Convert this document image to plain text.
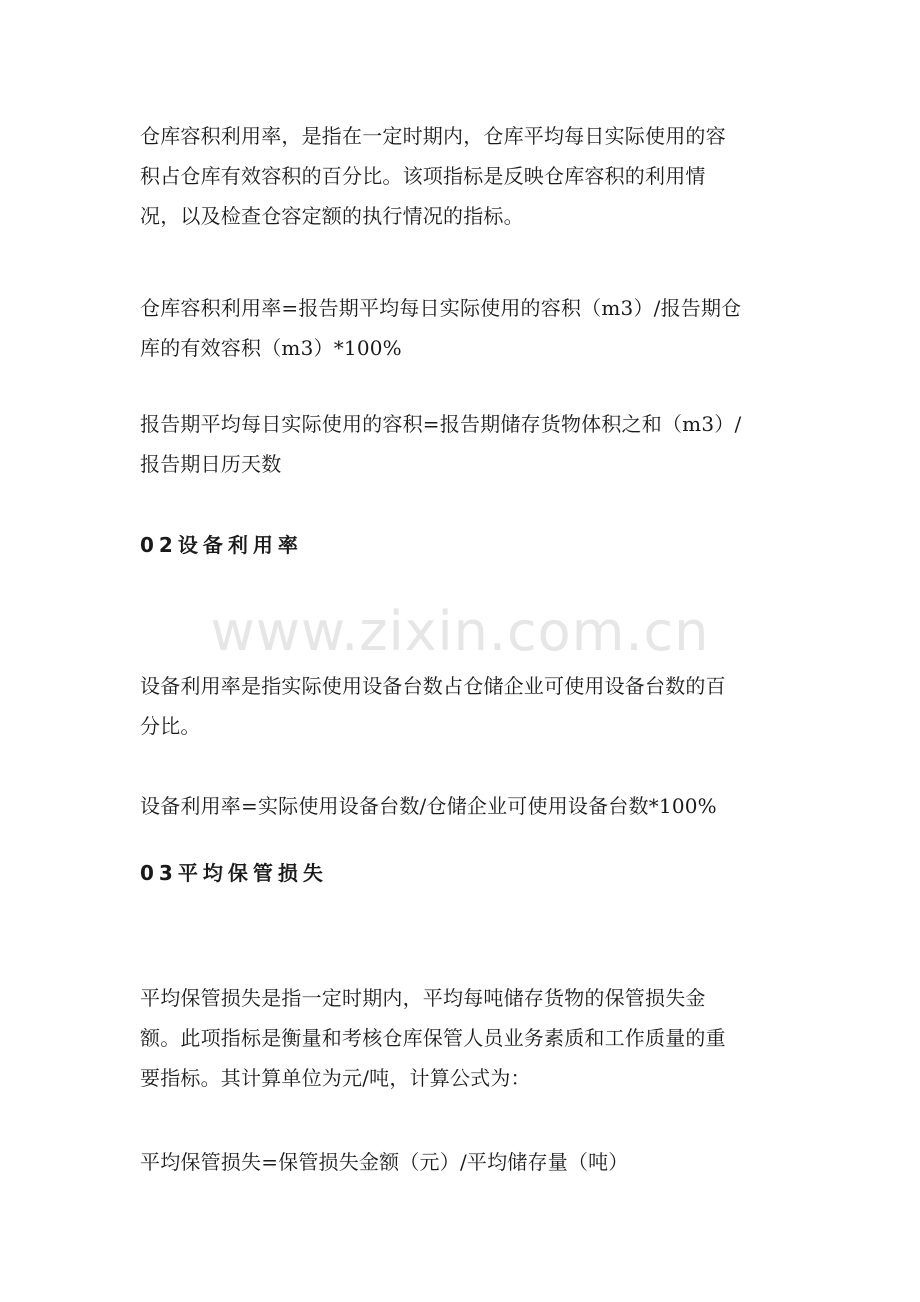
仓库容积利用率，是指在一定时期内，仓库平均每日实际使用的容
积占仓库有效容积的百分比。该项指标是反映仓库容积的利用情
况，以及检查仓容定额的执行情况的指标。
仓库容积利用率=报告期平均每日实际使用的容积（m3）/报告期仓
库的有效容积（m3）*100%
报告期平均每日实际使用的容积=报告期储存货物体积之和（m3）/
报告期日历天数
02设备利用率
www.zixin.com.cn
设备利用率是指实际使用设备台数占仓储企业可使用设备台数的百
分比。
设备利用率=实际使用设备台数/仓储企业可使用设备台数*100%
03平均保管损失
平均保管损失是指一定时期内，平均每吨储存货物的保管损失金
额。此项指标是衡量和考核仓库保管人员业务素质和工作质量的重
要指标。其计算单位为元/吨，计算公式为：
平均保管损失=保管损失金额（元）/平均储存量（吨）
